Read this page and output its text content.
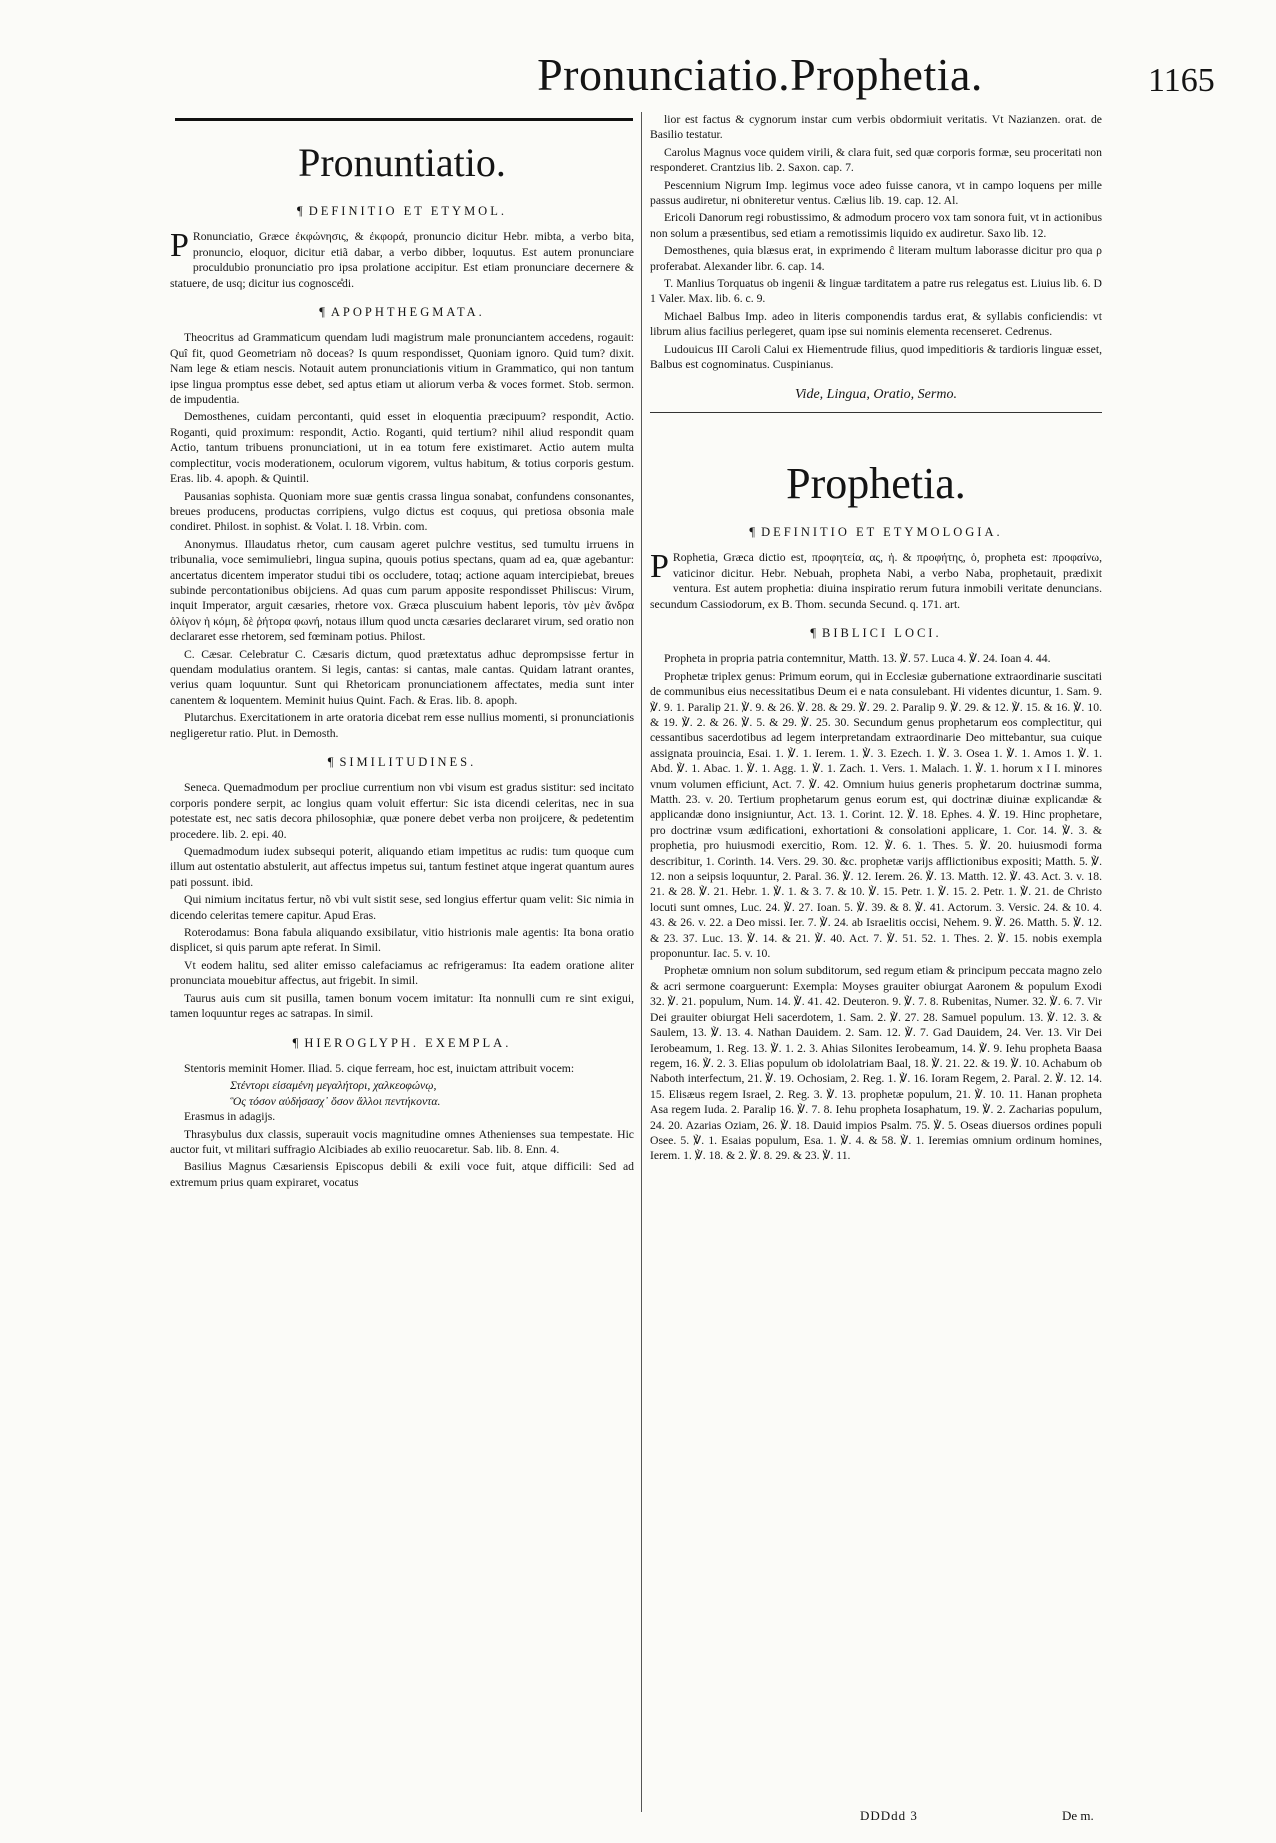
Pronunciatio.Prophetia.	1165
Pronuntiatio.
¶ DEFINITIO ET ETYMOL.
P Ronunciatio, Græce ἐκφώνησις, & ἐκφορά, pronuncio dicitur Hebr. mibta, a verbo bita, pronuncio, eloquor, dicitur etiã dabar, a verbo dibber, loquutus. Est autem pronunciare proculdubio pronunciatio pro ipsa prolatione accipitur. Est etiam pronunciare decernere & statuere, de usq; dicitur ius cognosce̊di.
¶ APOPHTHEGMATA.
Theocritus ad Grammaticum quendam ludi magistrum male pronunciantem accedens, rogauit: Quî fit, quod Geometriam nõ doceas? Is quum respondisset, Quoniam ignoro. Quid tum? dixit. Nam lege & etiam nescis. Notauit autem pronunciationis vitium in Grammatico, qui non tantum ipse lingua promptus esse debet, sed aptus etiam ut aliorum verba & voces formet. Stob. sermon. de impudentia.
Demosthenes, cuidam percontanti, quid esset in eloquentia præcipuum? respondit, Actio. Roganti, quid proximum: respondit, Actio. Roganti, quid tertium? nihil aliud respondit quam Actio, tantum tribuens pronunciationi, ut in ea totum fere existimaret. Actio autem multa complectitur, vocis moderationem, oculorum vigorem, vultus habitum, & totius corporis gestum. Eras. lib. 4. apoph. & Quintil.
Pausanias sophista. Quoniam more suæ gentis crassa lingua sonabat, confundens consonantes, breues producens, productas corripiens, vulgo dictus est coquus, qui pretiosa obsonia male condiret. Philost. in sophist. & Volat. l. 18. Vrbin. com.
Anonymus. Illaudatus rhetor, cum causam ageret pulchre vestitus, sed tumultu irruens in tribunalia, voce semimuliebri, lingua supina, quouis potius spectans, quam ad ea, quæ agebantur: ancertatus dicentem imperator studui tibi os occludere, totaq; actione aquam intercipiebat, breues subinde percontationibus obijciens. Ad quas cum parum apposite respondisset Philiscus: Virum, inquit Imperator, arguit cæsaries, rhetore vox. Græca pluscuium habent leporis, τὸν μὲν ἄνδρα ὀλίγον ἡ κόμη, δὲ ῥήτορα φωνή, notaus illum quod uncta cæsaries declararet virum, sed oratio non declararet esse rhetorem, sed fœminam potius. Philost.
C. Cæsar. Celebratur C. Cæsaris dictum, quod prætextatus adhuc deprompsisse fertur in quendam modulatius orantem. Si legis, cantas: si cantas, male cantas. Quidam latrant orantes, verius quam loquuntur. Sunt qui Rhetoricam pronunciationem affectates, media sunt inter canentem & loquentem. Meminit huius Quint. Fach. & Eras. lib. 8. apoph.
Plutarchus. Exercitationem in arte oratoria dicebat rem esse nullius momenti, si pronunciationis negligeretur ratio. Plut. in Demosth.
¶ SIMILITUDINES.
Seneca. Quemadmodum per procliue currentium non vbi visum est gradus sistitur: sed incitato corporis pondere serpit, ac longius quam voluit effertur: Sic ista dicendi celeritas, nec in sua potestate est, nec satis decora philosophiæ, quæ ponere debet verba non proijcere, & pedetentim procedere. lib. 2. epi. 40.
Quemadmodum iudex subsequi poterit, aliquando etiam impetitus ac rudis: tum quoque cum illum aut ostentatio abstulerit, aut affectus impetus sui, tantum festinet atque ingerat quantum aures pati possunt. ibid.
Qui nimium incitatus fertur, nõ vbi vult sistit sese, sed longius effertur quam velit: Sic nimia in dicendo celeritas temere capitur. Apud Eras.
Roterodamus: Bona fabula aliquando exsibilatur, vitio histrionis male agentis: Ita bona oratio displicet, si quis parum apte referat. In Simil.
Vt eodem halitu, sed aliter emisso calefaciamus ac refrigeramus: Ita eadem oratione aliter pronunciata mouebitur affectus, aut frigebit. In simil.
Taurus auis cum sit pusilla, tamen bonum vocem imitatur: Ita nonnulli cum re sint exigui, tamen loquuntur reges ac satrapas. In simil.
¶ HIEROGLYPH. EXEMPLA.
Stentoris meminit Homer. Iliad. 5. cique ferream, hoc est, inuictam attribuit vocem:
Στέντορι εἰσαμένη μεγαλήτορι, χαλκεοφώνῳ,
Ὃς τόσον αὐδήσασχ᾽ ὅσον ἄλλοι πεντήκοντα.
Erasmus in adagijs.
Thrasybulus dux classis, superauit vocis magnitudine omnes Athenienses sua tempestate. Hic auctor fuit, vt militari suffragio Alcibiades ab exilio reuocaretur. Sab. lib. 8. Enn. 4.
Basilius Magnus Cæsariensis Episcopus debili & exili voce fuit, atque difficili: Sed ad extremum prius quam expiraret, vocatus
lior est factus & cygnorum instar cum verbis obdormiuit veritatis. Vt Nazianzen. orat. de Basilio testatur.
Carolus Magnus voce quidem virili, & clara fuit, sed quæ corporis formæ, seu proceritati non responderet. Crantzius lib. 2. Saxon. cap. 7.
Pescennium Nigrum Imp. legimus voce adeo fuisse canora, vt in campo loquens per mille passus audiretur, ni obniteretur ventus. Cælius lib. 19. cap. 12. Al.
Ericoli Danorum regi robustissimo, & admodum procero vox tam sonora fuit, vt in actionibus non solum a præsentibus, sed etiam a remotissimis liquido ex audiretur. Saxo lib. 12.
Demosthenes, quia blæsus erat, in exprimendo ĉ literam multum laborasse dicitur pro qua ρ proferabat. Alexander libr. 6. cap. 14.
T. Manlius Torquatus ob ingenii & linguæ tarditatem a patre rus relegatus est. Liuius lib. 6. D 1 Valer. Max. lib. 6. c. 9.
Michael Balbus Imp. adeo in literis componendis tardus erat, & syllabis conficiendis: vt librum alius facilius perlegeret, quam ipse sui nominis elementa recenseret. Cedrenus.
Ludouicus III Caroli Calui ex Hiementrude filius, quod impeditioris & tardioris linguæ esset, Balbus est cognominatus. Cuspinianus.
Vide, Lingua, Oratio, Sermo.
Prophetia.
¶ DEFINITIO ET ETYMOLOGIA.
P Rophetia, Græca dictio est, προφητεία, ας, ἡ. & προφήτης, ὁ, propheta est: προφαίνω, vaticinor dicitur. Hebr. Nebuah, propheta Nabi, a verbo Naba, prophetauit, prædixit ventura. Est autem prophetia: diuina inspiratio rerum futura inmobili veritate denuncians. secundum Cassiodorum, ex B. Thom. secunda Secund. q. 171. art.
¶ BIBLICI LOCI.
Propheta in propria patria contemnitur, Matth. 13. ℣. 57. Luca 4. ℣. 24. Ioan 4. 44.
Prophetæ triplex genus: Primum eorum, qui in Ecclesiæ gubernatione extraordinarie suscitati de communibus eius necessitatibus Deum ei e nata consulebant. Hi videntes dicuntur, 1. Sam. 9. ℣. 9. 1. Paralip 21. ℣. 9. & 26. ℣. 28. & 29. ℣. 29. 2. Paralip 9. ℣. 29. & 12. ℣. 15. & 16. ℣. 10. & 19. ℣. 2. & 26. ℣. 5. & 29. ℣. 25. 30. Secundum genus prophetarum eos complectitur, qui cessantibus sacerdotibus ad legem interpretandam extraordinarie Deo mittebantur, sua cuique assignata prouincia, Esai. 1. ℣. 1. Ierem. 1. ℣. 3. Ezech. 1. ℣. 3. Osea 1. ℣. 1. Amos 1. ℣. 1. Abd. ℣. 1. Abac. 1. ℣. 1. Agg. 1. ℣. 1. Zach. 1. Vers. 1. Malach. 1. ℣. 1. horum x I I. minores vnum volumen efficiunt, Act. 7. ℣. 42. Omnium huius generis prophetarum doctrinæ summa, Matth. 23. v. 20. Tertium prophetarum genus eorum est, qui doctrinæ diuinæ explicandæ & applicandæ dono insigniuntur, Act. 13. 1. Corint. 12. ℣. 18. Ephes. 4. ℣. 19. Hinc prophetare, pro doctrinæ vsum ædificationi, exhortationi & consolationi applicare, 1. Cor. 14. ℣. 3. & prophetia, pro huiusmodi exercitio, Rom. 12. ℣. 6. 1. Thes. 5. ℣. 20. huiusmodi forma describitur, 1. Corinth. 14. Vers. 29. 30. &c. prophetæ varijs afflictionibus expositi; Matth. 5. ℣. 12. non a seipsis loquuntur, 2. Paral. 36. ℣. 12. Ierem. 26. ℣. 13. Matth. 12. ℣. 43. Act. 3. v. 18. 21. & 28. ℣. 21. Hebr. 1. ℣. 1. & 3. 7. & 10. ℣. 15. Petr. 1. ℣. 15. 2. Petr. 1. ℣. 21. de Christo locuti sunt omnes, Luc. 24. ℣. 27. Ioan. 5. ℣. 39. & 8. ℣. 41. Actorum. 3. Versic. 24. & 10. 4. 43. & 26. v. 22. a Deo missi. Ier. 7. ℣. 24. ab Israelitis occisi, Nehem. 9. ℣. 26. Matth. 5. ℣. 12. & 23. 37. Luc. 13. ℣. 14. & 21. ℣. 40. Act. 7. ℣. 51. 52. 1. Thes. 2. ℣. 15. nobis exempla proponuntur. Iac. 5. v. 10.
Prophetæ omnium non solum subditorum, sed regum etiam & principum peccata magno zelo & acri sermone coarguerunt: Exempla: Moyses grauiter obiurgat Aaronem & populum Exodi 32. ℣. 21. populum, Num. 14. ℣. 41. 42. Deuteron. 9. ℣. 7. 8. Rubenitas, Numer. 32. ℣. 6. 7. Vir Dei grauiter obiurgat Heli sacerdotem, 1. Sam. 2. ℣. 27. 28. Samuel populum. 13. ℣. 12. 3. & Saulem, 13. ℣. 13. 4. Nathan Dauidem. 2. Sam. 12. ℣. 7. Gad Dauidem, 24. Ver. 13. Vir Dei Ierobeamum, 1. Reg. 13. ℣. 1. 2. 3. Ahias Silonites Ierobeamum, 14. ℣. 9. Iehu propheta Baasa regem, 16. ℣. 2. 3. Elias populum ob idololatriam Baal, 18. ℣. 21. 22. & 19. ℣. 10. Achabum ob Naboth interfectum, 21. ℣. 19. Ochosiam, 2. Reg. 1. ℣. 16. Ioram Regem, 2. Paral. 2. ℣. 12. 14. 15. Elisæus regem Israel, 2. Reg. 3. ℣. 13. prophetæ populum, 21. ℣. 10. 11. Hanan propheta Asa regem Iuda. 2. Paralip 16. ℣. 7. 8. Iehu propheta Iosaphatum, 19. ℣. 2. Zacharias populum, 24. 20. Azarias Oziam, 26. ℣. 18. Dauid impios Psalm. 75. ℣. 5. Oseas diuersos ordines populi Osee. 5. ℣. 1. Esaias populum, Esa. 1. ℣. 4. & 58. ℣. 1. Ieremias omnium ordinum homines, Ierem. 1. ℣. 18. & 2. ℣. 8. 29. & 23. ℣. 11.
DDDdd 3	De m.
